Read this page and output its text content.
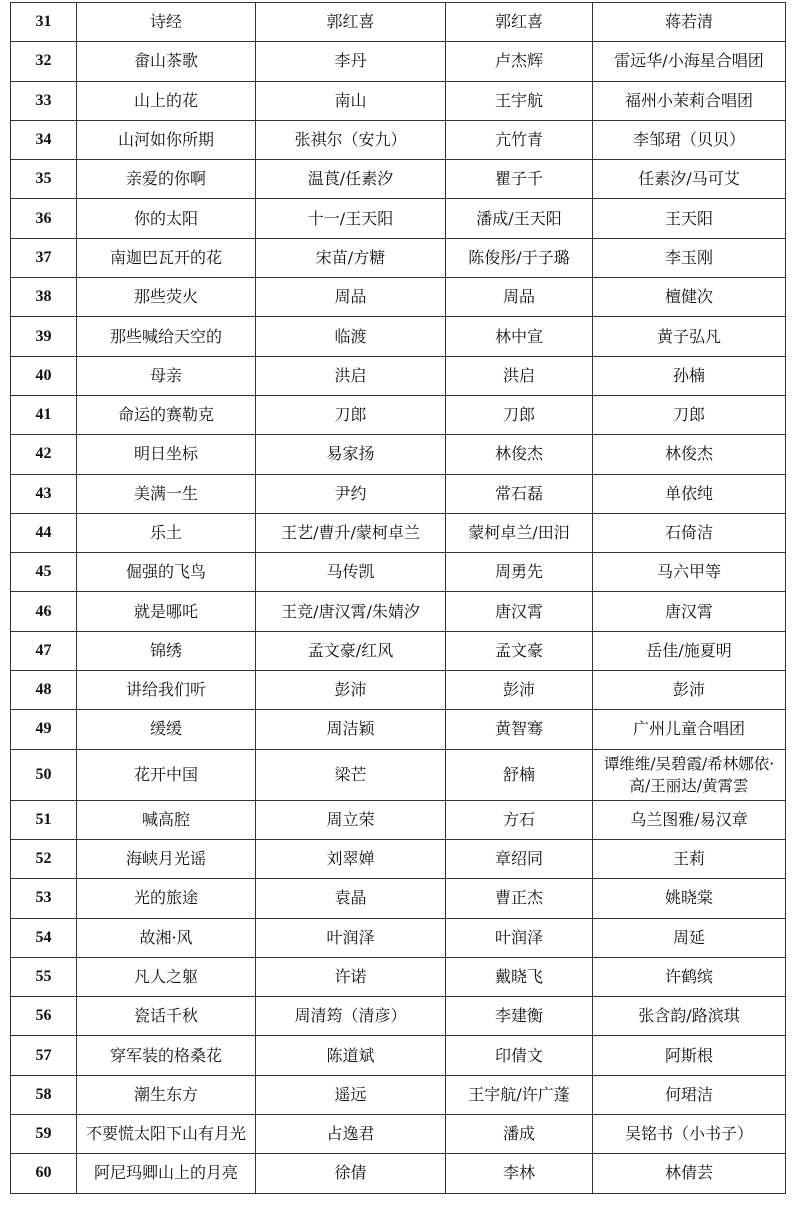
31	诗经	郭红喜	郭红喜	蒋若清
32	畲山茶歌	李丹	卢杰辉	雷远华/小海星合唱团
33	山上的花	南山	王宇航	福州小茉莉合唱团
34	山河如你所期	张祺尔（安九）	亢竹青	李邹珺（贝贝）
35	亲爱的你啊	温莨/任素汐	瞿子千	任素汐/马可艾
36	你的太阳	十一/王天阳	潘成/王天阳	王天阳
37	南迦巴瓦开的花	宋苗/方糖	陈俊彤/于子璐	李玉刚
38	那些荧火	周品	周品	檀健次
39	那些喊给天空的	临渡	林中宣	黄子弘凡
40	母亲	洪启	洪启	孙楠
41	命运的赛勒克	刀郎	刀郎	刀郎
42	明日坐标	易家扬	林俊杰	林俊杰
43	美满一生	尹约	常石磊	单依纯
44	乐土	王艺/曹升/蒙柯卓兰	蒙柯卓兰/田汨	石倚洁
45	倔强的飞鸟	马传凯	周勇先	马六甲等
46	就是哪吒	王竞/唐汉霄/朱婧汐	唐汉霄	唐汉霄
47	锦绣	孟文豪/红风	孟文豪	岳佳/施夏明
48	讲给我们听	彭沛	彭沛	彭沛
49	缓缓	周洁颖	黄智骞	广州儿童合唱团
50	花开中国	梁芒	舒楠	谭维维/吴碧霞/希林娜依·高/王丽达/黄霄雲
51	喊高腔	周立荣	方石	乌兰图雅/易汉章
52	海峡月光谣	刘翠婵	章绍同	王莉
53	光的旅途	袁晶	曹正杰	姚晓棠
54	故湘·风	叶润泽	叶润泽	周延
55	凡人之躯	许诺	戴晓飞	许鹤缤
56	瓷话千秋	周清筠（清彦）	李建衡	张含韵/路滨琪
57	穿军装的格桑花	陈道斌	印倩文	阿斯根
58	潮生东方	遥远	王宇航/许广蓬	何珺洁
59	不要慌太阳下山有月光	占逸君	潘成	吴铭书（小书子）
60	阿尼玛卿山上的月亮	徐倩	李林	林倩芸
